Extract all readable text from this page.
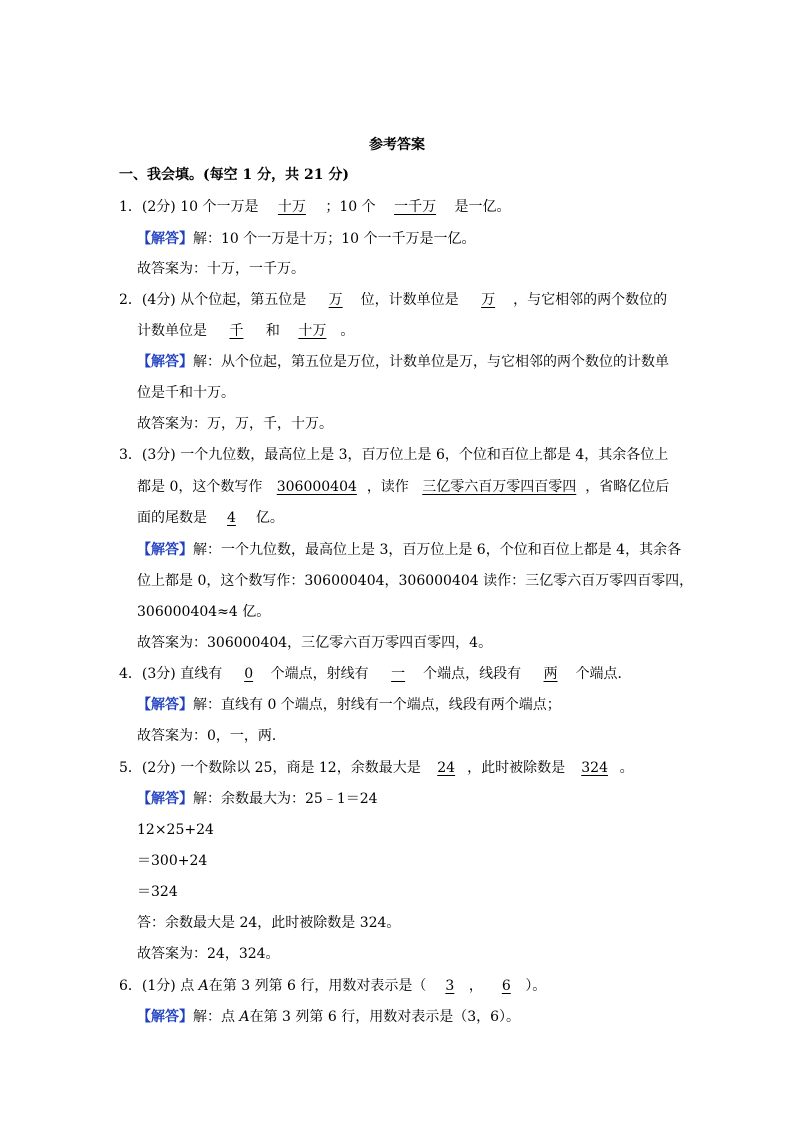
参考答案
一、我会填。(每空 1 分，共 21 分)
1．(2分) 10 个一万是 十万 ；10 个 一千万 是一亿。
【解答】解：10 个一万是十万；10 个一千万是一亿。
故答案为：十万，一千万。
2．(4分) 从个位起，第五位是 万 位，计数单位是 万 ，与它相邻的两个数位的
计数单位是 千 和 十万 。
【解答】解：从个位起，第五位是万位，计数单位是万，与它相邻的两个数位的计数单
位是千和十万。
故答案为：万，万，千，十万。
3．(3分) 一个九位数，最高位上是 3，百万位上是 6，个位和百位上都是 4，其余各位上
都是 0，这个数写作 306000404 ，读作 三亿零六百万零四百零四 ，省略亿位后
面的尾数是 4 亿。
【解答】解：一个九位数，最高位上是 3，百万位上是 6，个位和百位上都是 4，其余各
位上都是 0，这个数写作：306000404，306000404 读作：三亿零六百万零四百零四，
306000404≈4 亿。
故答案为：306000404，三亿零六百万零四百零四，4。
4．(3分) 直线有 0 个端点，射线有 一 个端点，线段有 两 个端点．
【解答】解：直线有 0 个端点，射线有一个端点，线段有两个端点；
故答案为：0，一，两．
5．(2分) 一个数除以 25，商是 12，余数最大是 24 ，此时被除数是 324 。
【解答】解：余数最大为：25﹣1＝24
12×25+24
＝300+24
＝324
答：余数最大是 24，此时被除数是 324。
故答案为：24，324。
6．(1分) 点 A在第 3 列第 6 行，用数对表示是（ 3 ， 6 ）。
【解答】解：点 A在第 3 列第 6 行，用数对表示是（3，6）。
